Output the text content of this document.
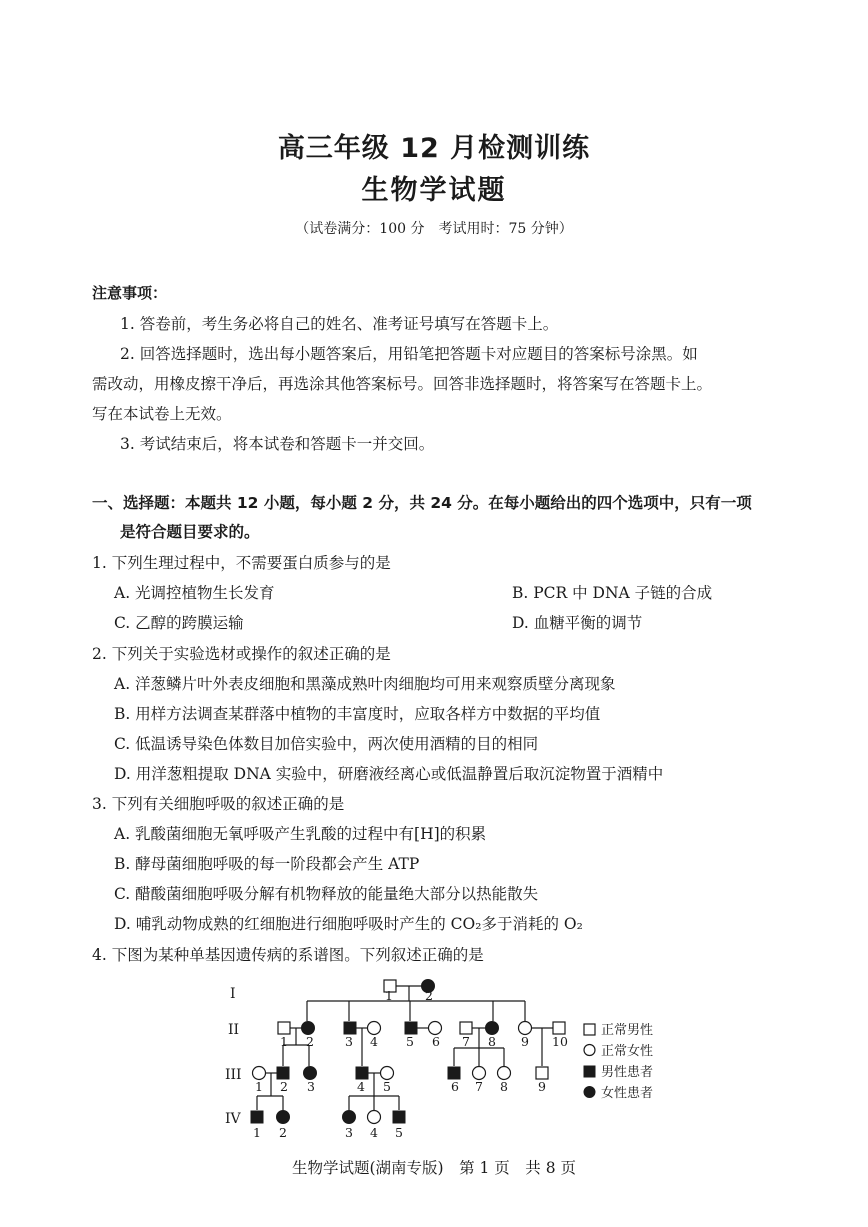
高三年级 12 月检测训练
生物学试题
（试卷满分：100 分　考试用时：75 分钟）
注意事项：
1. 答卷前，考生务必将自己的姓名、准考证号填写在答题卡上。
2. 回答选择题时，选出每小题答案后，用铅笔把答题卡对应题目的答案标号涂黑。如
需改动，用橡皮擦干净后，再选涂其他答案标号。回答非选择题时，将答案写在答题卡上。
写在本试卷上无效。
3. 考试结束后，将本试卷和答题卡一并交回。
一、选择题：本题共 12 小题，每小题 2 分，共 24 分。在每小题给出的四个选项中，只有一项
是符合题目要求的。
1. 下列生理过程中，不需要蛋白质参与的是
A. 光调控植物生长发育	B. PCR 中 DNA 子链的合成
C. 乙醇的跨膜运输	D. 血糖平衡的调节
2. 下列关于实验选材或操作的叙述正确的是
A. 洋葱鳞片叶外表皮细胞和黑藻成熟叶肉细胞均可用来观察质壁分离现象
B. 用样方法调查某群落中植物的丰富度时，应取各样方中数据的平均值
C. 低温诱导染色体数目加倍实验中，两次使用酒精的目的相同
D. 用洋葱粗提取 DNA 实验中，研磨液经离心或低温静置后取沉淀物置于酒精中
3. 下列有关细胞呼吸的叙述正确的是
A. 乳酸菌细胞无氧呼吸产生乳酸的过程中有[H]的积累
B. 酵母菌细胞呼吸的每一阶段都会产生 ATP
C. 醋酸菌细胞呼吸分解有机物释放的能量绝大部分以热能散失
D. 哺乳动物成熟的红细胞进行细胞呼吸时产生的 CO₂多于消耗的 O₂
4. 下图为某种单基因遗传病的系谱图。下列叙述正确的是
I
II
III
IV
1	2
1 2 3 4 5 6 7 8 9 10
1 2 3	4 5	6 7 8 9
1 2	3 4 5
正常男性
正常女性
男性患者
女性患者
生物学试题(湖南专版)　第 1 页　共 8 页
